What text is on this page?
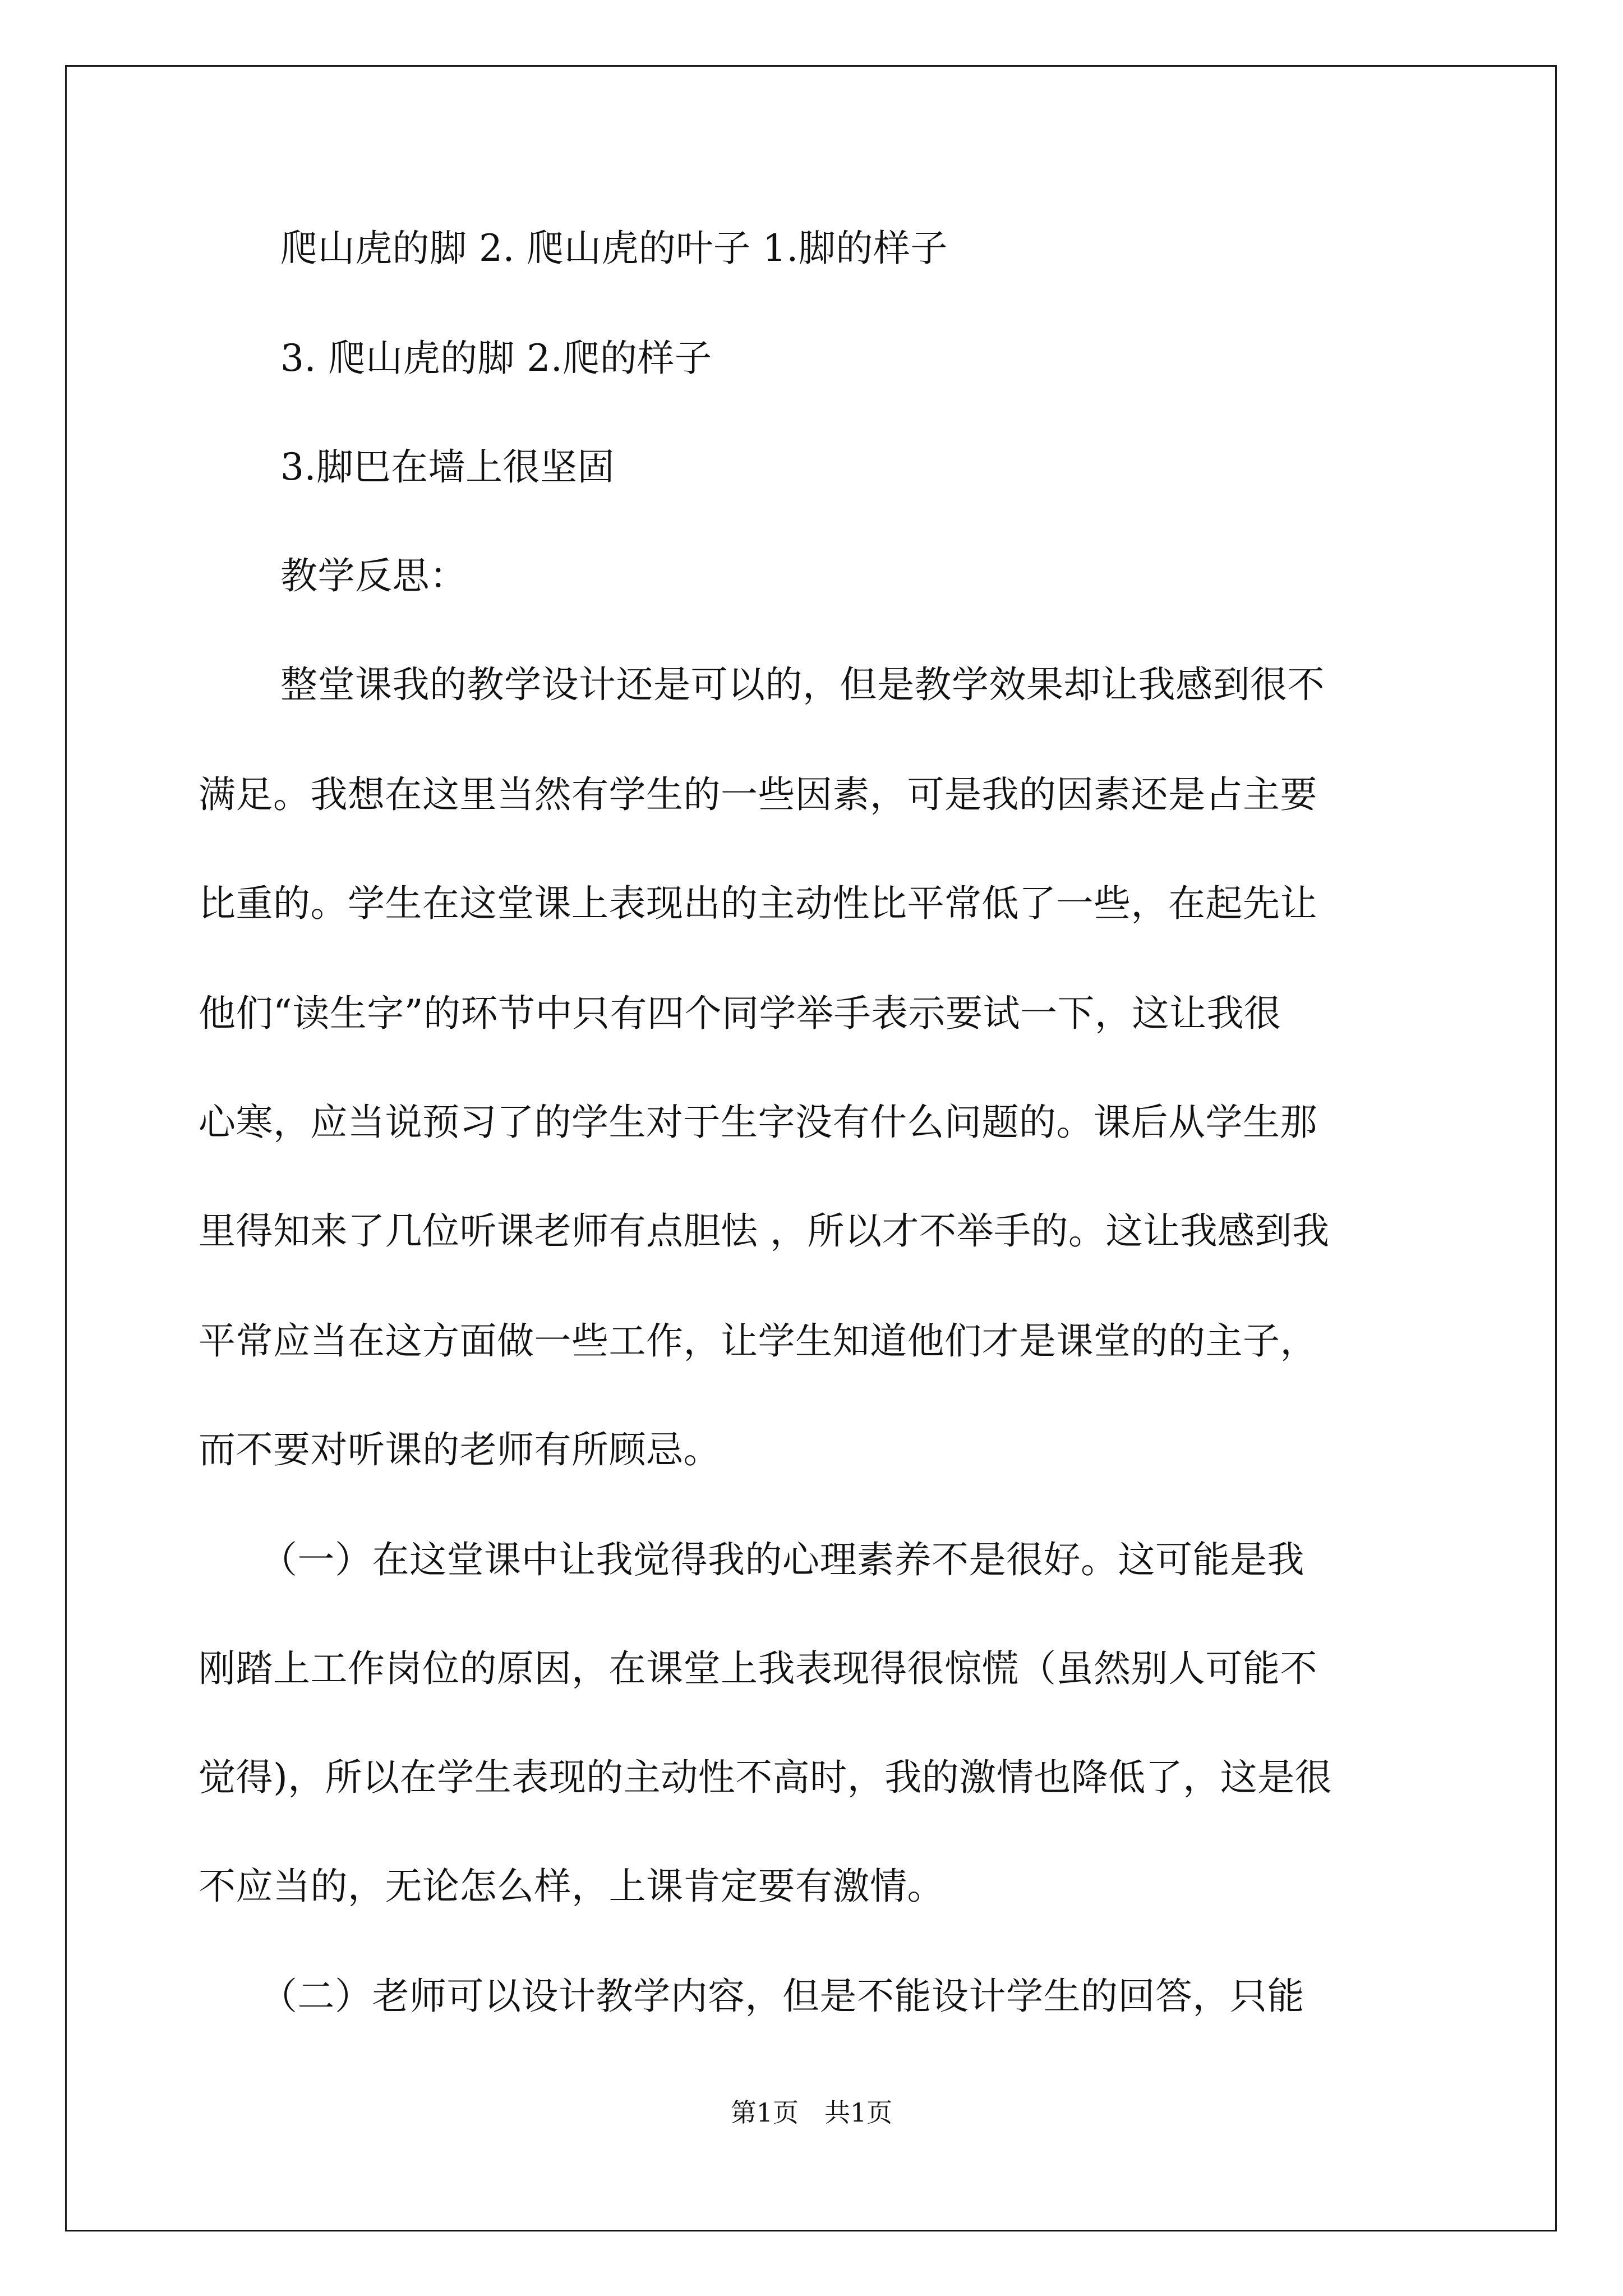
爬山虎的脚 2. 爬山虎的叶子 1.脚的样子
3. 爬山虎的脚 2.爬的样子
3.脚巴在墙上很坚固
教学反思：
整堂课我的教学设计还是可以的，但是教学效果却让我感到很不
满足。我想在这里当然有学生的一些因素，可是我的因素还是占主要
比重的。学生在这堂课上表现出的主动性比平常低了一些，在起先让
他们“读生字”的环节中只有四个同学举手表示要试一下，这让我很
心寒，应当说预习了的学生对于生字没有什么问题的。课后从学生那
里得知来了几位听课老师有点胆怯 ，所以才不举手的。这让我感到我
平常应当在这方面做一些工作，让学生知道他们才是课堂的的主子，
而不要对听课的老师有所顾忌。
（一）在这堂课中让我觉得我的心理素养不是很好。这可能是我
刚踏上工作岗位的原因，在课堂上我表现得很惊慌（虽然别人可能不
觉得)，所以在学生表现的主动性不高时，我的激情也降低了，这是很
不应当的，无论怎么样，上课肯定要有激情。
（二）老师可以设计教学内容，但是不能设计学生的回答，只能
第1页　共1页
